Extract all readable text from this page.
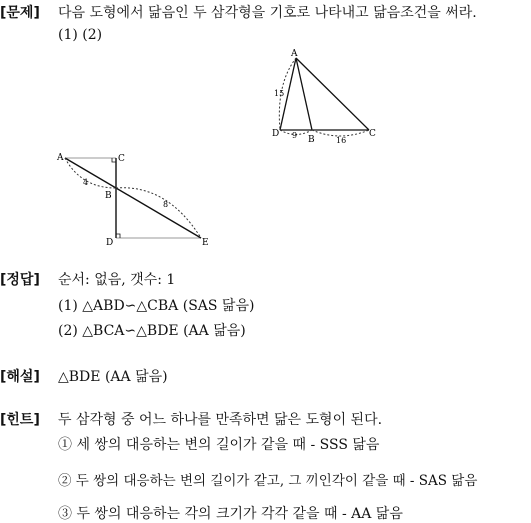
[문제] 다음 도형에서 닮음인 두 삼각형을 기호로 나타내고 닮음조건을 써라.
(1) (2)
A
D
B
C
15
9
16
A	C
B
D	E
4
8
[정답] 순서: 없음, 갯수: 1
(1) △ABD∽△CBA (SAS 닮음)
(2) △BCA∽△BDE (AA 닮음)
[해설] △BDE (AA 닮음)
[힌트] 두 삼각형 중 어느 하나를 만족하면 닮은 도형이 된다.
① 세 쌍의 대응하는 변의 길이가 같을 때 - SSS 닮음
② 두 쌍의 대응하는 변의 길이가 같고, 그 끼인각이 같을 때 - SAS 닮음
③ 두 쌍의 대응하는 각의 크기가 각각 같을 때 - AA 닮음
